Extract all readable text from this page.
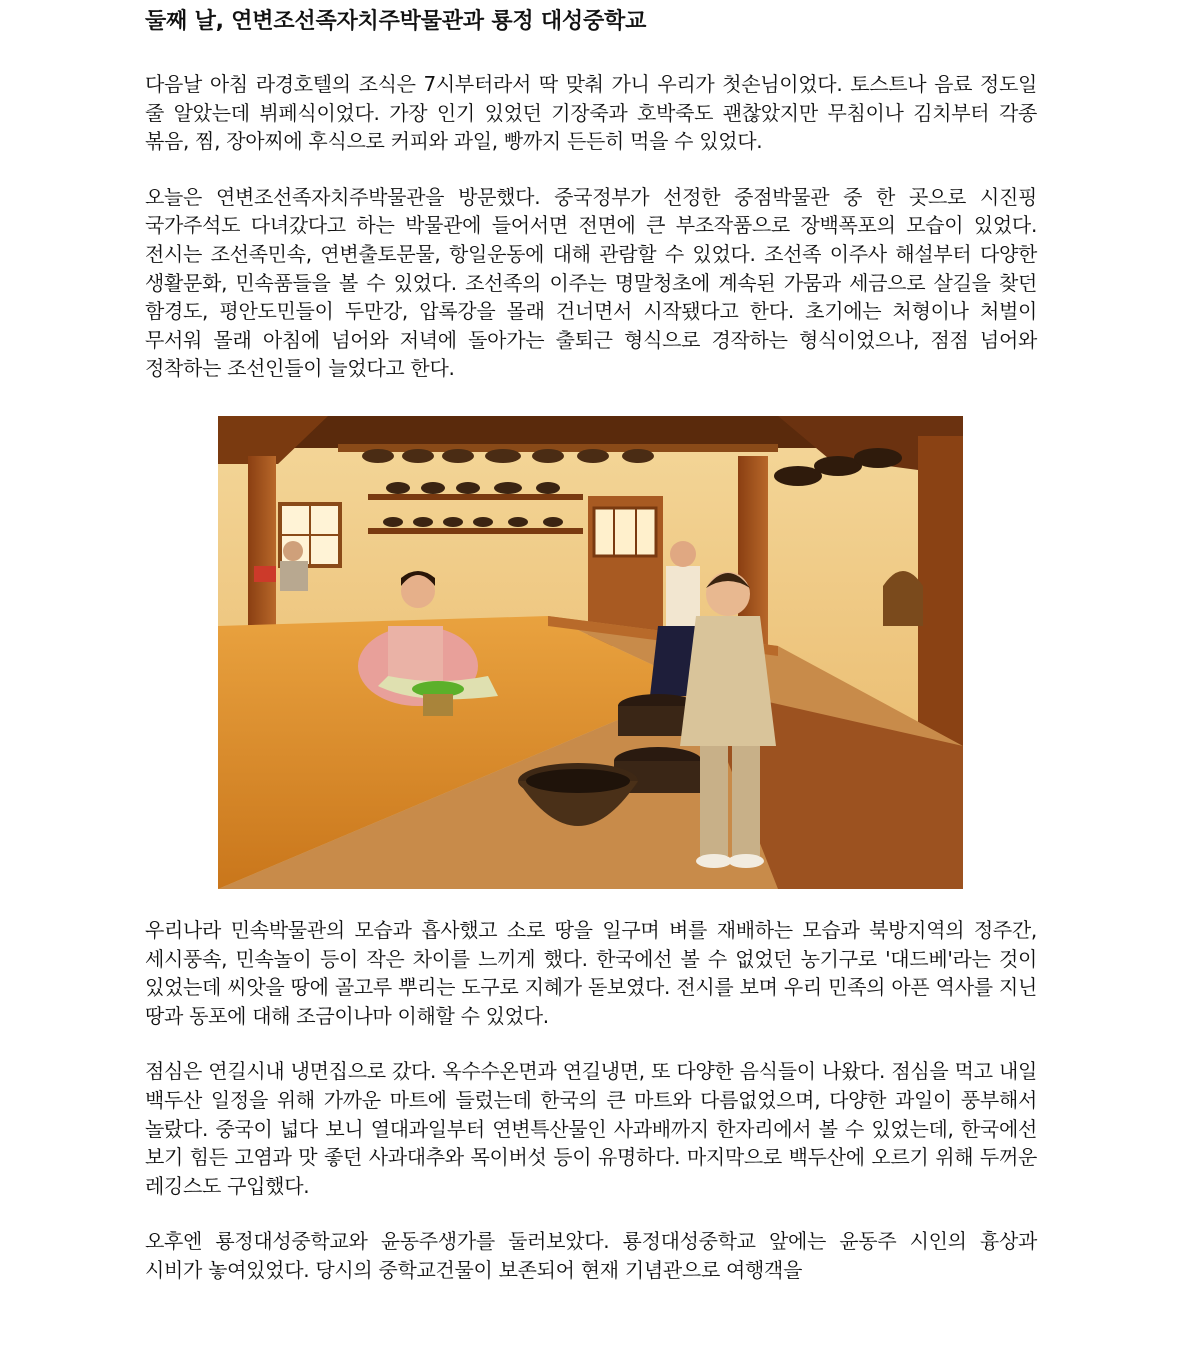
둘째 날, 연변조선족자치주박물관과 룡정 대성중학교

다음날 아침 라경호텔의 조식은 7시부터라서 딱 맞춰 가니 우리가 첫손님이었다. 토스트나 음료 정도일 줄 알았는데 뷔페식이었다. 가장 인기 있었던 기장죽과 호박죽도 괜찮았지만 무침이나 김치부터 각종 볶음, 찜, 장아찌에 후식으로 커피와 과일, 빵까지 든든히 먹을 수 있었다.

오늘은 연변조선족자치주박물관을 방문했다. 중국정부가 선정한 중점박물관 중 한 곳으로 시진핑 국가주석도 다녀갔다고 하는 박물관에 들어서면 전면에 큰 부조작품으로 장백폭포의 모습이 있었다. 전시는 조선족민속, 연변출토문물, 항일운동에 대해 관람할 수 있었다. 조선족 이주사 해설부터 다양한 생활문화, 민속품들을 볼 수 있었다. 조선족의 이주는 명말청초에 계속된 가뭄과 세금으로 살길을 찾던 함경도, 평안도민들이 두만강, 압록강을 몰래 건너면서 시작됐다고 한다. 초기에는 처형이나 처벌이 무서워 몰래 아침에 넘어와 저녁에 돌아가는 출퇴근 형식으로 경작하는 형식이었으나, 점점 넘어와 정착하는 조선인들이 늘었다고 한다.

우리나라 민속박물관의 모습과 흡사했고 소로 땅을 일구며 벼를 재배하는 모습과 북방지역의 정주간, 세시풍속, 민속놀이 등이 작은 차이를 느끼게 했다. 한국에선 볼 수 없었던 농기구로 '대드베'라는 것이 있었는데 씨앗을 땅에 골고루 뿌리는 도구로 지혜가 돋보였다. 전시를 보며 우리 민족의 아픈 역사를 지닌 땅과 동포에 대해 조금이나마 이해할 수 있었다.

점심은 연길시내 냉면집으로 갔다. 옥수수온면과 연길냉면, 또 다양한 음식들이 나왔다. 점심을 먹고 내일 백두산 일정을 위해 가까운 마트에 들렀는데 한국의 큰 마트와 다름없었으며, 다양한 과일이 풍부해서 놀랐다. 중국이 넓다 보니 열대과일부터 연변특산물인 사과배까지 한자리에서 볼 수 있었는데, 한국에선 보기 힘든 고염과 맛 좋던 사과대추와 목이버섯 등이 유명하다. 마지막으로 백두산에 오르기 위해 두꺼운 레깅스도 구입했다.

오후엔 룡정대성중학교와 윤동주생가를 둘러보았다. 룡정대성중학교 앞에는 윤동주 시인의 흉상과 시비가 놓여있었다. 당시의 중학교건물이 보존되어 현재 기념관으로 여행객을
